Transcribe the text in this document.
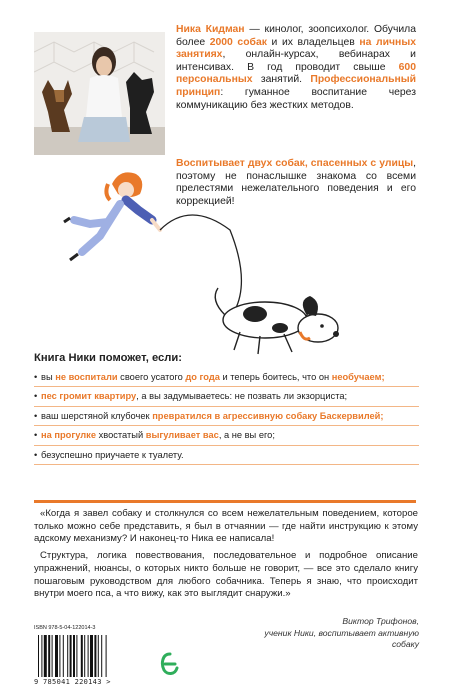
Ника Кидман — кинолог, зоопсихолог. Обучила более 2000 собак и их владельцев на личных занятиях, онлайн-курсах, вебинарах и интенсивах. В год проводит свыше 600 персональных занятий. Профессиональный принцип: гуманное воспитание через коммуникацию без жестких методов.

Воспитывает двух собак, спасенных с улицы, поэтому не понаслышке знакома со всеми прелестями нежелательного поведения и его коррекцией!

Книга Ники поможет, если:
• вы не воспитали своего усатого до года и теперь боитесь, что он необучаем;
• пес громит квартиру, а вы задумываетесь: не позвать ли экзорциста;
• ваш шерстяной клубочек превратился в агрессивную собаку Баскервилей;
• на прогулке хвостатый выгуливает вас, а не вы его;
• безуспешно приучаете к туалету.

«Когда я завел собаку и столкнулся со всем нежелательным поведением, которое только можно себе представить, я был в отчаянии — где найти инструкцию к этому адскому механизму? И наконец-то Ника ее написала!

Структура, логика повествования, последовательное и подробное описание упражнений, нюансы, о которых никто больше не говорит, — все это сделало книгу пошаговым руководством для любого собачника. Теперь я знаю, что происходит внутри моего пса, а что вижу, как это выглядит снаружи.»

ISBN 978-5-04-122014-3
9 785041 220143 >
Виктор Трифонов,
ученик Ники, воспитывает активную собаку
